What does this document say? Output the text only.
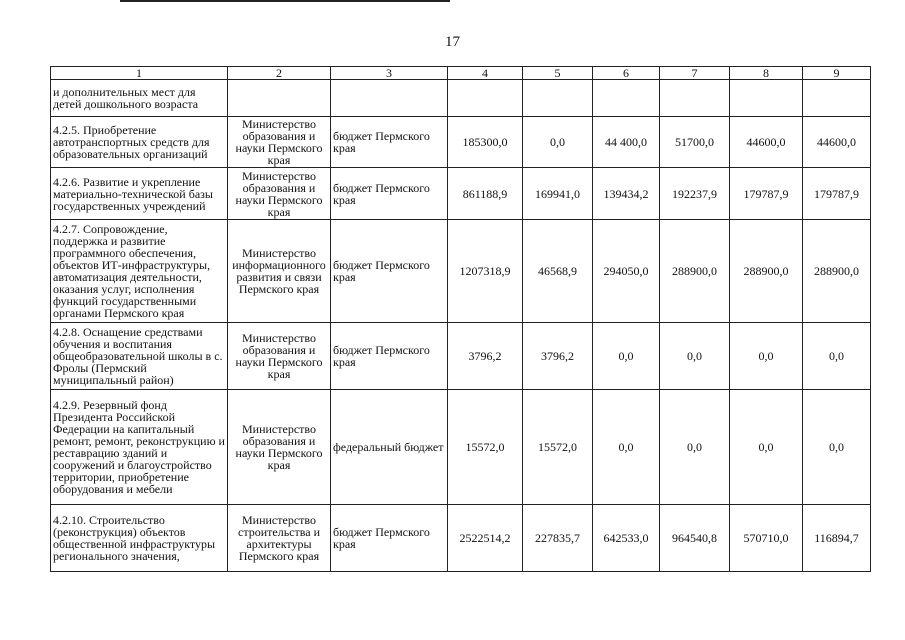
17
1	2	3	4	5	6	7	8	9
и дополнительных мест для детей дошкольного возраста								
4.2.5. Приобретение автотранспортных средств для образовательных организаций	Министерство образования и науки Пермского края	бюджет Пермского края	185300,0	0,0	44 400,0	51700,0	44600,0	44600,0
4.2.6. Развитие и укрепление материально-технической базы государственных учреждений	Министерство образования и науки Пермского края	бюджет Пермского края	861188,9	169941,0	139434,2	192237,9	179787,9	179787,9
4.2.7. Сопровождение, поддержка и развитие программного обеспечения, объектов ИТ-инфраструктуры, автоматизация деятельности, оказания услуг, исполнения функций государственными органами Пермского края	Министерство информационного развития и связи Пермского края	бюджет Пермского края	1207318,9	46568,9	294050,0	288900,0	288900,0	288900,0
4.2.8. Оснащение средствами обучения и воспитания общеобразовательной школы в с. Фролы (Пермский муниципальный район)	Министерство образования и науки Пермского края	бюджет Пермского края	3796,2	3796,2	0,0	0,0	0,0	0,0
4.2.9. Резервный фонд Президента Российской Федерации на капитальный ремонт, ремонт, реконструкцию и реставрацию зданий и сооружений и благоустройство территории, приобретение оборудования и мебели	Министерство образования и науки Пермского края	федеральный бюджет	15572,0	15572,0	0,0	0,0	0,0	0,0
4.2.10. Строительство (реконструкция) объектов общественной инфраструктуры регионального значения,	Министерство строительства и архитектуры Пермского края	бюджет Пермского края	2522514,2	227835,7	642533,0	964540,8	570710,0	116894,7
